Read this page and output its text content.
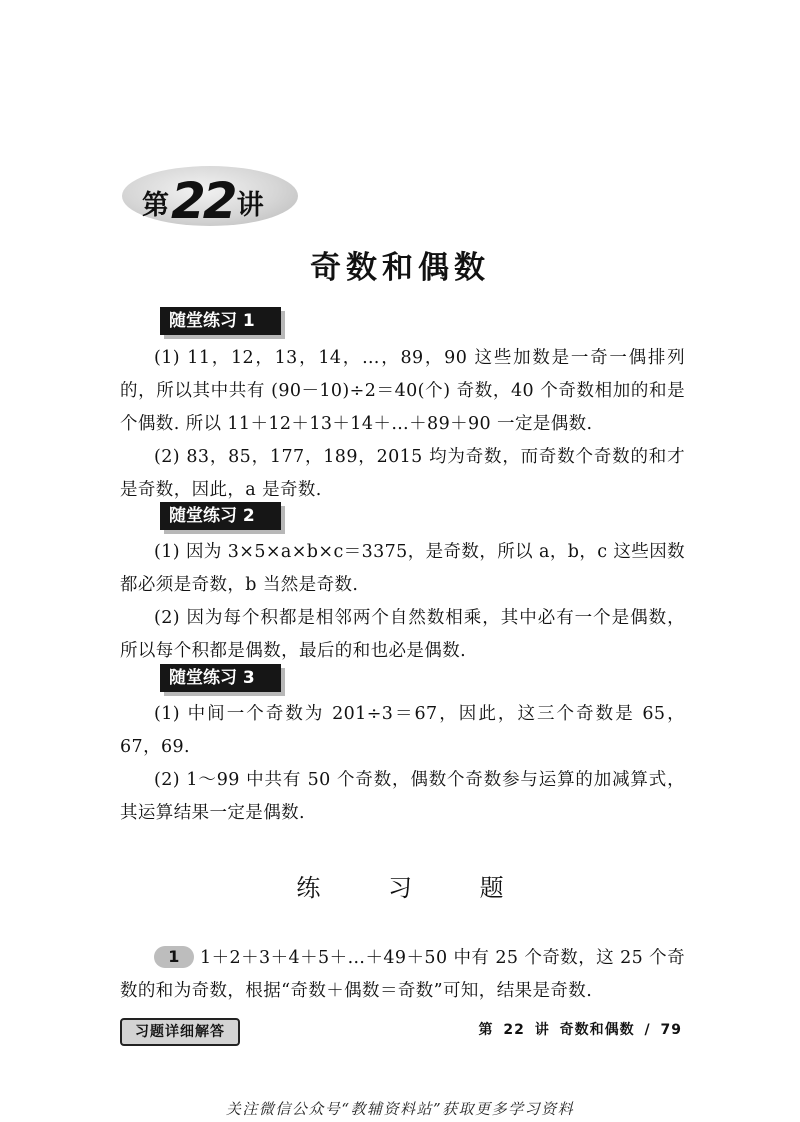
第22讲
奇数和偶数
随堂练习 1
(1) 11，12，13，14，…，89，90 这些加数是一奇一偶排列的，所以其中共有 (90－10)÷2＝40(个) 奇数，40 个奇数相加的和是个偶数. 所以 11＋12＋13＋14＋…＋89＋90 一定是偶数.
(2) 83，85，177，189，2015 均为奇数，而奇数个奇数的和才是奇数，因此，a 是奇数.
随堂练习 2
(1) 因为 3×5×a×b×c＝3375，是奇数，所以 a，b，c 这些因数都必须是奇数，b 当然是奇数.
(2) 因为每个积都是相邻两个自然数相乘，其中必有一个是偶数，所以每个积都是偶数，最后的和也必是偶数.
随堂练习 3
(1) 中间一个奇数为 201÷3＝67，因此，这三个奇数是 65，67，69.
(2) 1～99 中共有 50 个奇数，偶数个奇数参与运算的加减算式，其运算结果一定是偶数.
练 习 题
1 1＋2＋3＋4＋5＋…＋49＋50 中有 25 个奇数，这 25 个奇数的和为奇数，根据“奇数＋偶数＝奇数”可知，结果是奇数.
习题详细解答	第 22 讲 奇数和偶数 / 79
关注微信公众号“教辅资料站”获取更多学习资料
